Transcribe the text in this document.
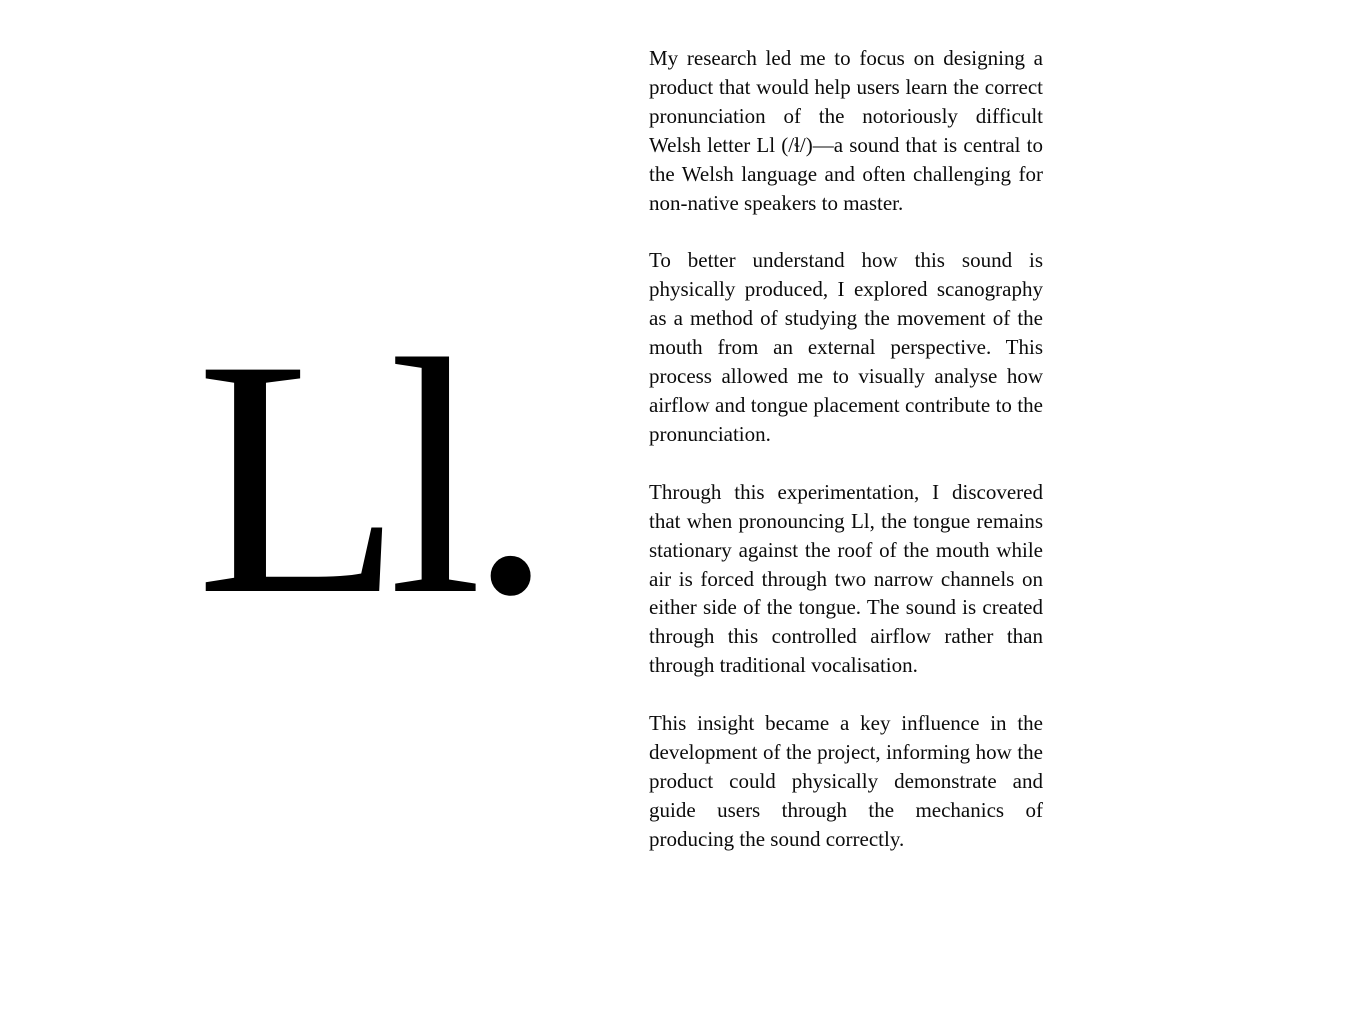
Ll.

My research led me to focus on designing a product that would help users learn the correct pronunciation of the notoriously difficult Welsh letter Ll (/ɬ/)—a sound that is central to the Welsh language and often challenging for non-native speakers to master.

To better understand how this sound is physically produced, I explored scanography as a method of studying the movement of the mouth from an external perspective. This process allowed me to visually analyse how airflow and tongue placement contribute to the pronunciation.

Through this experimentation, I discovered that when pronouncing Ll, the tongue remains stationary against the roof of the mouth while air is forced through two narrow channels on either side of the tongue. The sound is created through this controlled airflow rather than through traditional vocalisation.

This insight became a key influence in the development of the project, informing how the product could physically demonstrate and guide users through the mechanics of producing the sound correctly.
